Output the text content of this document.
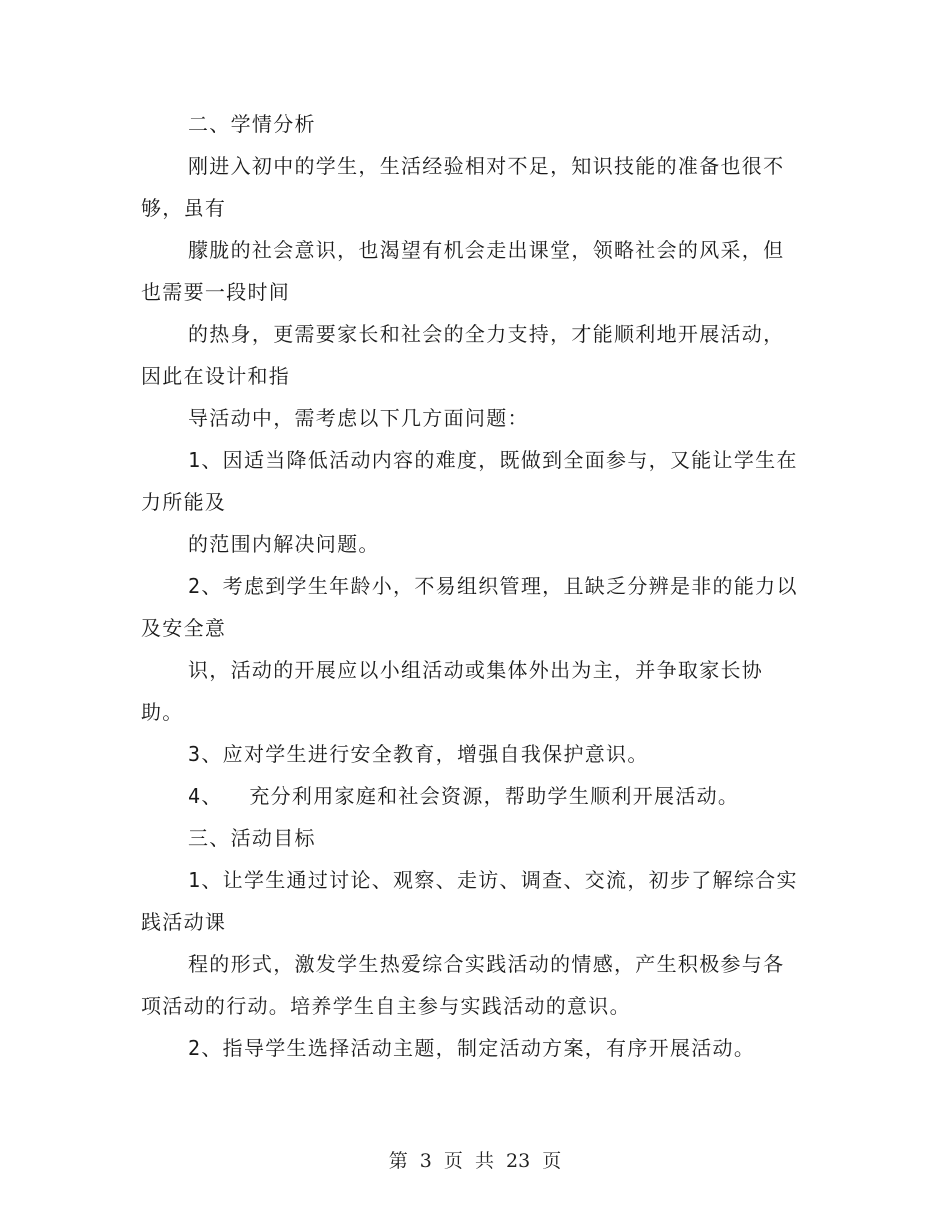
二、学情分析
刚进入初中的学生，生活经验相对不足，知识技能的准备也很不
够，虽有
朦胧的社会意识，也渴望有机会走出课堂，领略社会的风采，但
也需要一段时间
的热身，更需要家长和社会的全力支持，才能顺利地开展活动，
因此在设计和指
导活动中，需考虑以下几方面问题：
1、因适当降低活动内容的难度，既做到全面参与，又能让学生在
力所能及
的范围内解决问题。
2、考虑到学生年龄小，不易组织管理，且缺乏分辨是非的能力以
及安全意
识，活动的开展应以小组活动或集体外出为主，并争取家长协
助。
3、应对学生进行安全教育，增强自我保护意识。
4、  充分利用家庭和社会资源，帮助学生顺利开展活动。
三、活动目标
1、让学生通过讨论、观察、走访、调查、交流，初步了解综合实
践活动课
程的形式，激发学生热爱综合实践活动的情感，产生积极参与各
项活动的行动。培养学生自主参与实践活动的意识。
2、指导学生选择活动主题，制定活动方案，有序开展活动。
第 3 页 共 23 页
